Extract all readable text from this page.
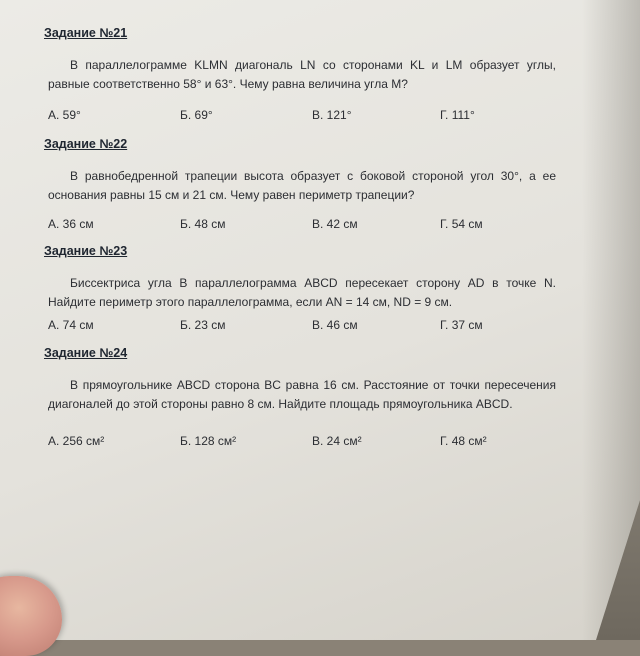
Задание №21
В параллелограмме KLMN диагональ LN со сторонами KL и LM образует углы, равные соответственно 58° и 63°. Чему равна величина угла M?
А. 59°	Б. 69°	В. 121°	Г. 111°
Задание №22
В равнобедренной трапеции высота образует с боковой стороной угол 30°, а ее основания равны 15 см и 21 см. Чему равен периметр трапеции?
А. 36 см	Б. 48 см	В. 42 см	Г. 54 см
Задание №23
Биссектриса угла B параллелограмма ABCD пересекает сторону AD в точке N. Найдите периметр этого параллелограмма, если AN = 14 см, ND = 9 см.
А. 74 см	Б. 23 см	В. 46 см	Г. 37 см
Задание №24
В прямоугольнике ABCD сторона BC равна 16 см. Расстояние от точки пересечения диагоналей до этой стороны равно 8 см. Найдите площадь прямоугольника ABCD.
А. 256 см²	Б. 128 см²	В. 24 см²	Г. 48 см²
